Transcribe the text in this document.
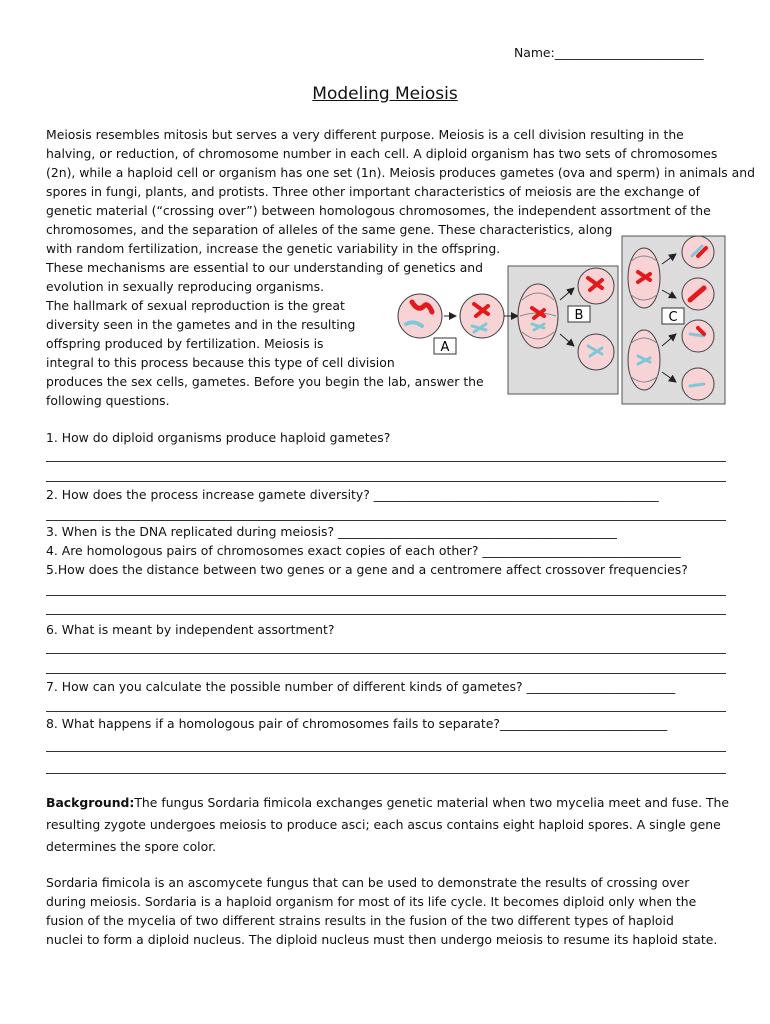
Name:________________________
Modeling Meiosis
Meiosis resembles mitosis but serves a very different purpose. Meiosis is a cell division resulting in the
halving, or reduction, of chromosome number in each cell. A diploid organism has two sets of chromosomes
(2n), while a haploid cell or organism has one set (1n). Meiosis produces gametes (ova and sperm) in animals and
spores in fungi, plants, and protists. Three other important characteristics of meiosis are the exchange of
genetic material (“crossing over”) between homologous chromosomes, the independent assortment of the
chromosomes, and the separation of alleles of the same gene. These characteristics, along
with random fertilization, increase the genetic variability in the offspring.
These mechanisms are essential to our understanding of genetics and
evolution in sexually reproducing organisms.
The hallmark of sexual reproduction is the great
diversity seen in the gametes and in the resulting
offspring produced by fertilization. Meiosis is
integral to this process because this type of cell division
produces the sex cells, gametes. Before you begin the lab, answer the
following questions.
A
B	C
1. How do diploid organisms produce haploid gametes?
2. How does the process increase gamete diversity? ______________________________________________
3. When is the DNA replicated during meiosis? _____________________________________________
4. Are homologous pairs of chromosomes exact copies of each other? ________________________________
5.How does the distance between two genes or a gene and a centromere affect crossover frequencies?
6. What is meant by independent assortment?
7. How can you calculate the possible number of different kinds of gametes? ________________________
8. What happens if a homologous pair of chromosomes fails to separate?___________________________
Background:The fungus Sordaria fimicola exchanges genetic material when two mycelia meet and fuse. The
resulting zygote undergoes meiosis to produce asci; each ascus contains eight haploid spores. A single gene
determines the spore color.
Sordaria fimicola is an ascomycete fungus that can be used to demonstrate the results of crossing over
during meiosis. Sordaria is a haploid organism for most of its life cycle. It becomes diploid only when the
fusion of the mycelia of two different strains results in the fusion of the two different types of haploid
nuclei to form a diploid nucleus. The diploid nucleus must then undergo meiosis to resume its haploid state.
